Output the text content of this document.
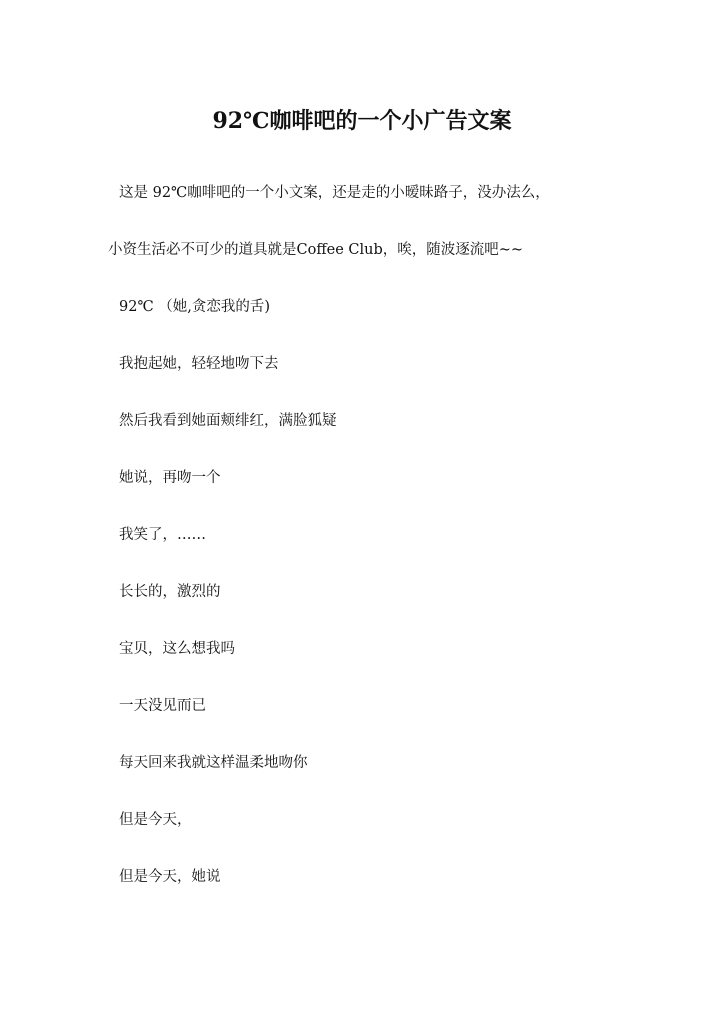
92℃咖啡吧的一个小广告文案
这是 92℃咖啡吧的一个小文案，还是走的小暧昧路子，没办法么，
小资生活必不可少的道具就是Coffee Club，唉，随波逐流吧~~
92℃ （她,贪恋我的舌)
我抱起她，轻轻地吻下去
然后我看到她面颊绯红，满脸狐疑
她说，再吻一个
我笑了，……
长长的，激烈的
宝贝，这么想我吗
一天没见而已
每天回来我就这样温柔地吻你
但是今天，
但是今天，她说
